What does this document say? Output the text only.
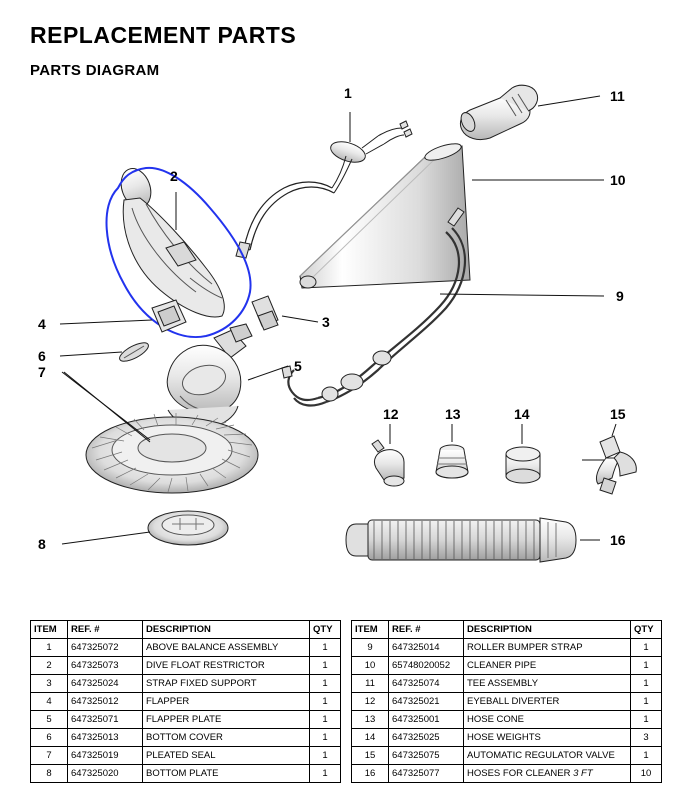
REPLACEMENT PARTS
PARTS DIAGRAM
1
2
3
4
5
6
7
8
9
10
11
12	13	14	15
16
ITEM	REF. #	DESCRIPTION	QTY
1	647325072	ABOVE BALANCE ASSEMBLY	1
2	647325073	DIVE FLOAT RESTRICTOR	1
3	647325024	STRAP FIXED SUPPORT	1
4	647325012	FLAPPER	1
5	647325071	FLAPPER PLATE	1
6	647325013	BOTTOM COVER	1
7	647325019	PLEATED SEAL	1
8	647325020	BOTTOM PLATE	1
ITEM	REF. #	DESCRIPTION	QTY
9	647325014	ROLLER BUMPER STRAP	1
10	65748020052	CLEANER PIPE	1
11	647325074	TEE ASSEMBLY	1
12	647325021	EYEBALL DIVERTER	1
13	647325001	HOSE CONE	1
14	647325025	HOSE WEIGHTS	3
15	647325075	AUTOMATIC REGULATOR VALVE	1
16	647325077	HOSES FOR CLEANER 3 FT	10
